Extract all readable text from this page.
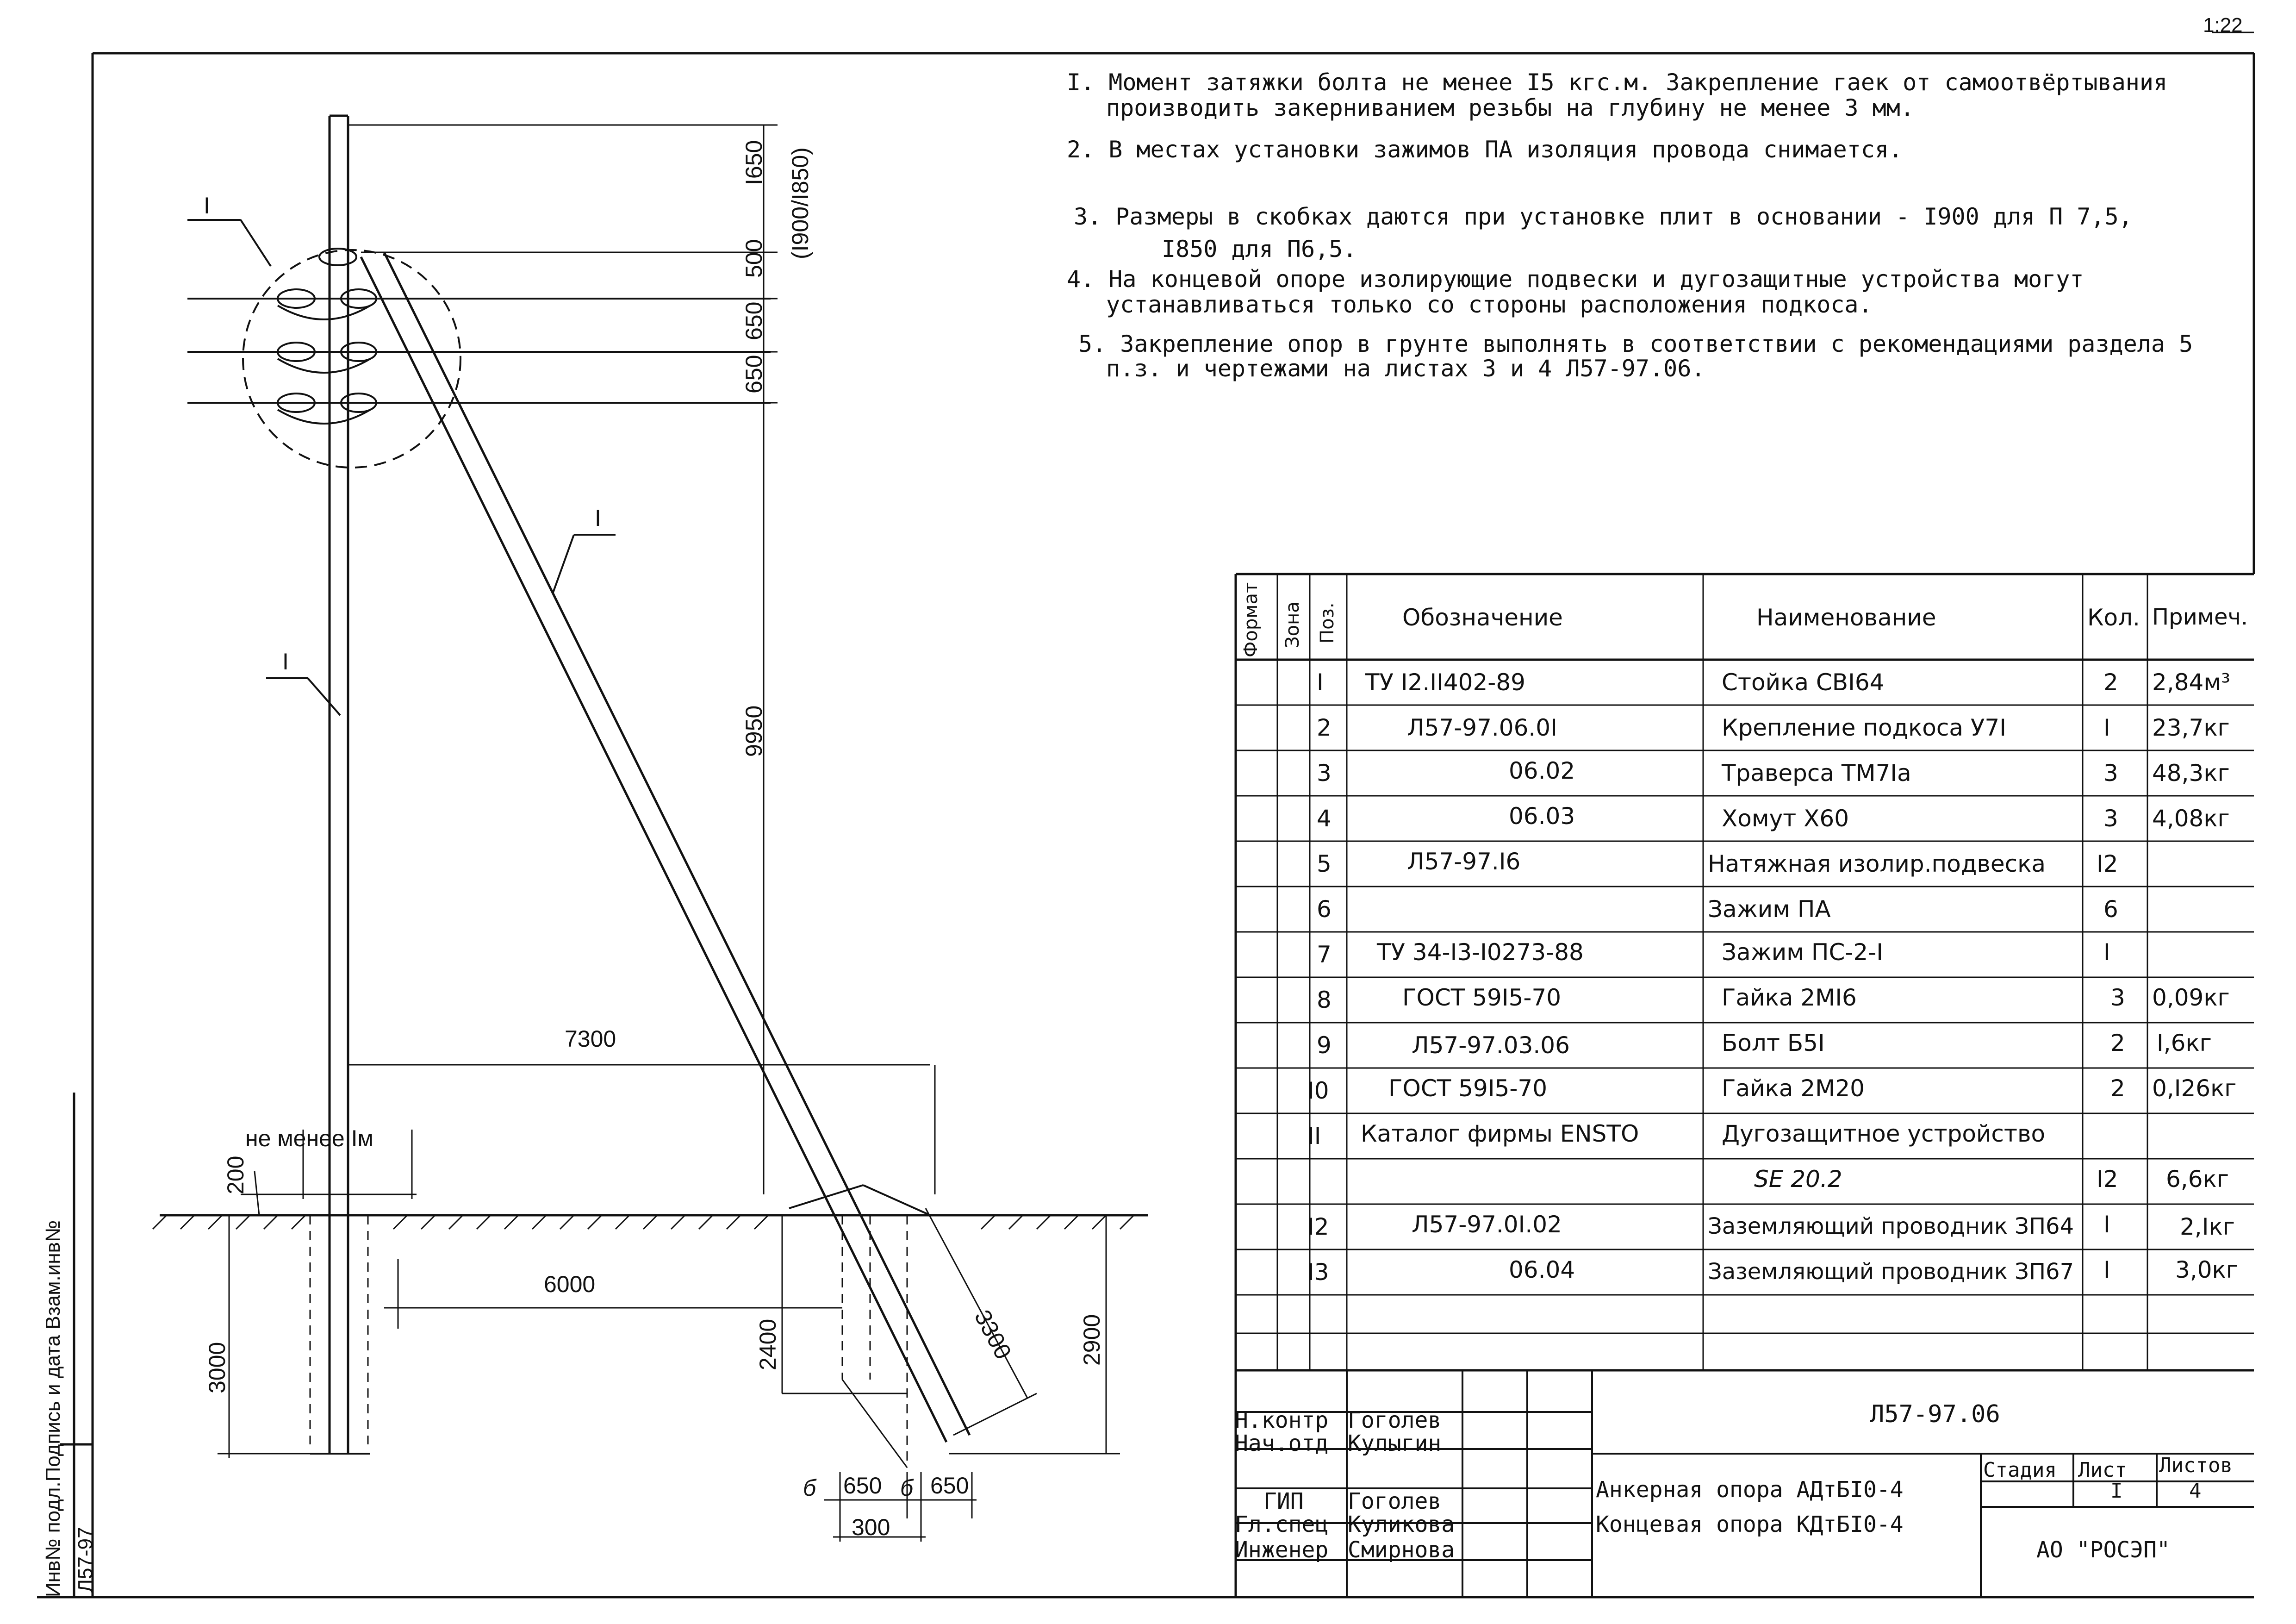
1:22
I. Момент затяжки болта не менее I5 кгс.м. Закрепление гаек от самоотвёртывания
производить закерниванием резьбы на глубину не менее 3 мм.
2. В местах установки зажимов ПА изоляция провода снимается.
3. Размеры в скобках даются при установке плит в основании - I900 для П 7,5,
I850 для П6,5.
4. На концевой опоре изолирующие подвески и дугозащитные устройства могут
устанавливаться только со стороны расположения подкоса.
5. Закрепление опор в грунте выполнять в соответствии с рекомендациями раздела 5
п.з. и чертежами на листах 3 и 4 Л57-97.06.
I
I
I
I650 (I900/I850)
500
650
650
9950
7300
6000
не менее Iм
200
3000	2400	3300	2900
650 650
300
б	б
Инв№ подл.Подпись и дата Взам.инв№ Л57-97
Формат Зона Поз.	Обозначение	Наименование	Кол. Примеч.
I ТУ I2.II402-89	Стойка СВI64	2 2,84м³
2	Л57-97.06.0I	Крепление подкоса У7I	I 23,7кг
3	06.02	Траверса ТМ7Iа	3 48,3кг
4	06.03	Хомут Х60	3 4,08кг
5	Л57-97.I6	Натяжная изолир.подвеска I2
6	Зажим ПА	6
7 ТУ 34-I3-I0273-88	Зажим ПС-2-I	I
8	ГОСТ 59I5-70	Гайка 2МI6	3 0,09кг
9	Л57-97.03.06	Болт Б5I	2 I,6кг
I0	ГОСТ 59I5-70	Гайка 2М20	2 0,I26кг
II Каталог фирмы ENSTO	Дугозащитное устройство
SE 20.2	I2 6,6кг
I2	Л57-97.0I.02	Заземляющий проводник ЗП64 I	2,Iкг
I3	06.04	Заземляющий проводник ЗП67 I	3,0кг
Н.контр Гоголев
Нач.отд Кулыгин
ГИП Гоголев
Гл.спец Куликова
Инженер Смирнова
Л57-97.06
Анкерная опора АДтБI0-4
Концевая опора КДтБI0-4
Стадия Лист Листов
I	4
АО "РОСЭП"
